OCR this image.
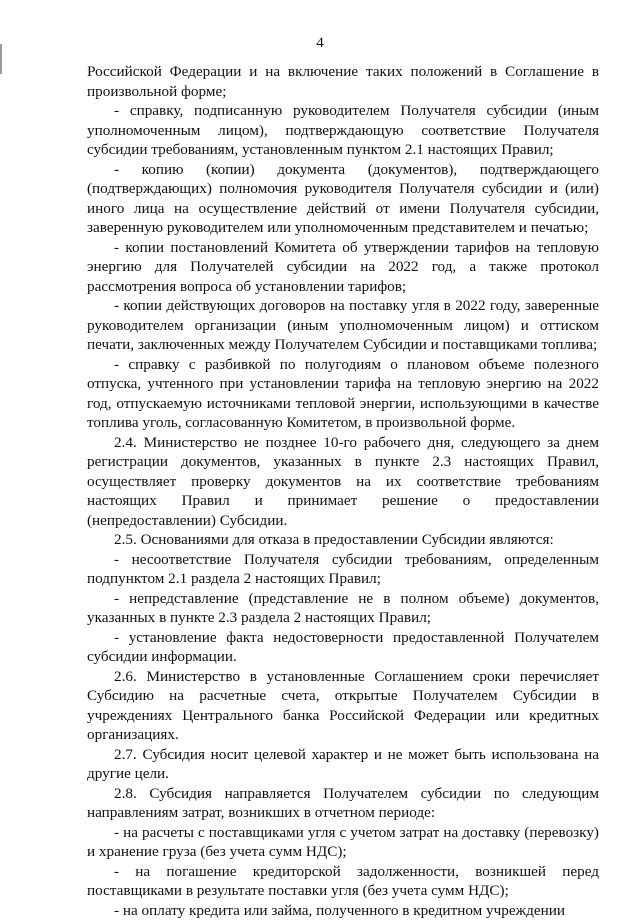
4

Российской Федерации и на включение таких положений в Соглашение в произвольной форме;

- справку, подписанную руководителем Получателя субсидии (иным уполномоченным лицом), подтверждающую соответствие Получателя субсидии требованиям, установленным пунктом 2.1 настоящих Правил;

- копию (копии) документа (документов), подтверждающего (подтверждающих) полномочия руководителя Получателя субсидии и (или) иного лица на осуществление действий от имени Получателя субсидии, заверенную руководителем или уполномоченным представителем и печатью;

- копии постановлений Комитета об утверждении тарифов на тепловую энергию для Получателей субсидии на 2022 год, а также протокол рассмотрения вопроса об установлении тарифов;

- копии действующих договоров на поставку угля в 2022 году, заверенные руководителем организации (иным уполномоченным лицом) и оттиском печати, заключенных между Получателем Субсидии и поставщиками топлива;

- справку с разбивкой по полугодиям о плановом объеме полезного отпуска, учтенного при установлении тарифа на тепловую энергию на 2022 год, отпускаемую источниками тепловой энергии, использующими в качестве топлива уголь, согласованную Комитетом, в произвольной форме.

2.4. Министерство не позднее 10-го рабочего дня, следующего за днем регистрации документов, указанных в пункте 2.3 настоящих Правил, осуществляет проверку документов на их соответствие требованиям настоящих Правил и принимает решение о предоставлении (непредоставлении) Субсидии.

2.5. Основаниями для отказа в предоставлении Субсидии являются:

- несоответствие Получателя субсидии требованиям, определенным подпунктом 2.1 раздела 2 настоящих Правил;

- непредставление (представление не в полном объеме) документов, указанных в пункте 2.3 раздела 2 настоящих Правил;

- установление факта недостоверности предоставленной Получателем субсидии информации.

2.6. Министерство в установленные Соглашением сроки перечисляет Субсидию на расчетные счета, открытые Получателем Субсидии в учреждениях Центрального банка Российской Федерации или кредитных организациях.

2.7. Субсидия носит целевой характер и не может быть использована на другие цели.

2.8. Субсидия направляется Получателем субсидии по следующим направлениям затрат, возникших в отчетном периоде:

- на расчеты с поставщиками угля с учетом затрат на доставку (перевозку) и хранение груза (без учета сумм НДС);

- на погашение кредиторской задолженности, возникшей перед поставщиками в результате поставки угля (без учета сумм НДС);

- на оплату кредита или займа, полученного в кредитном учреждении
